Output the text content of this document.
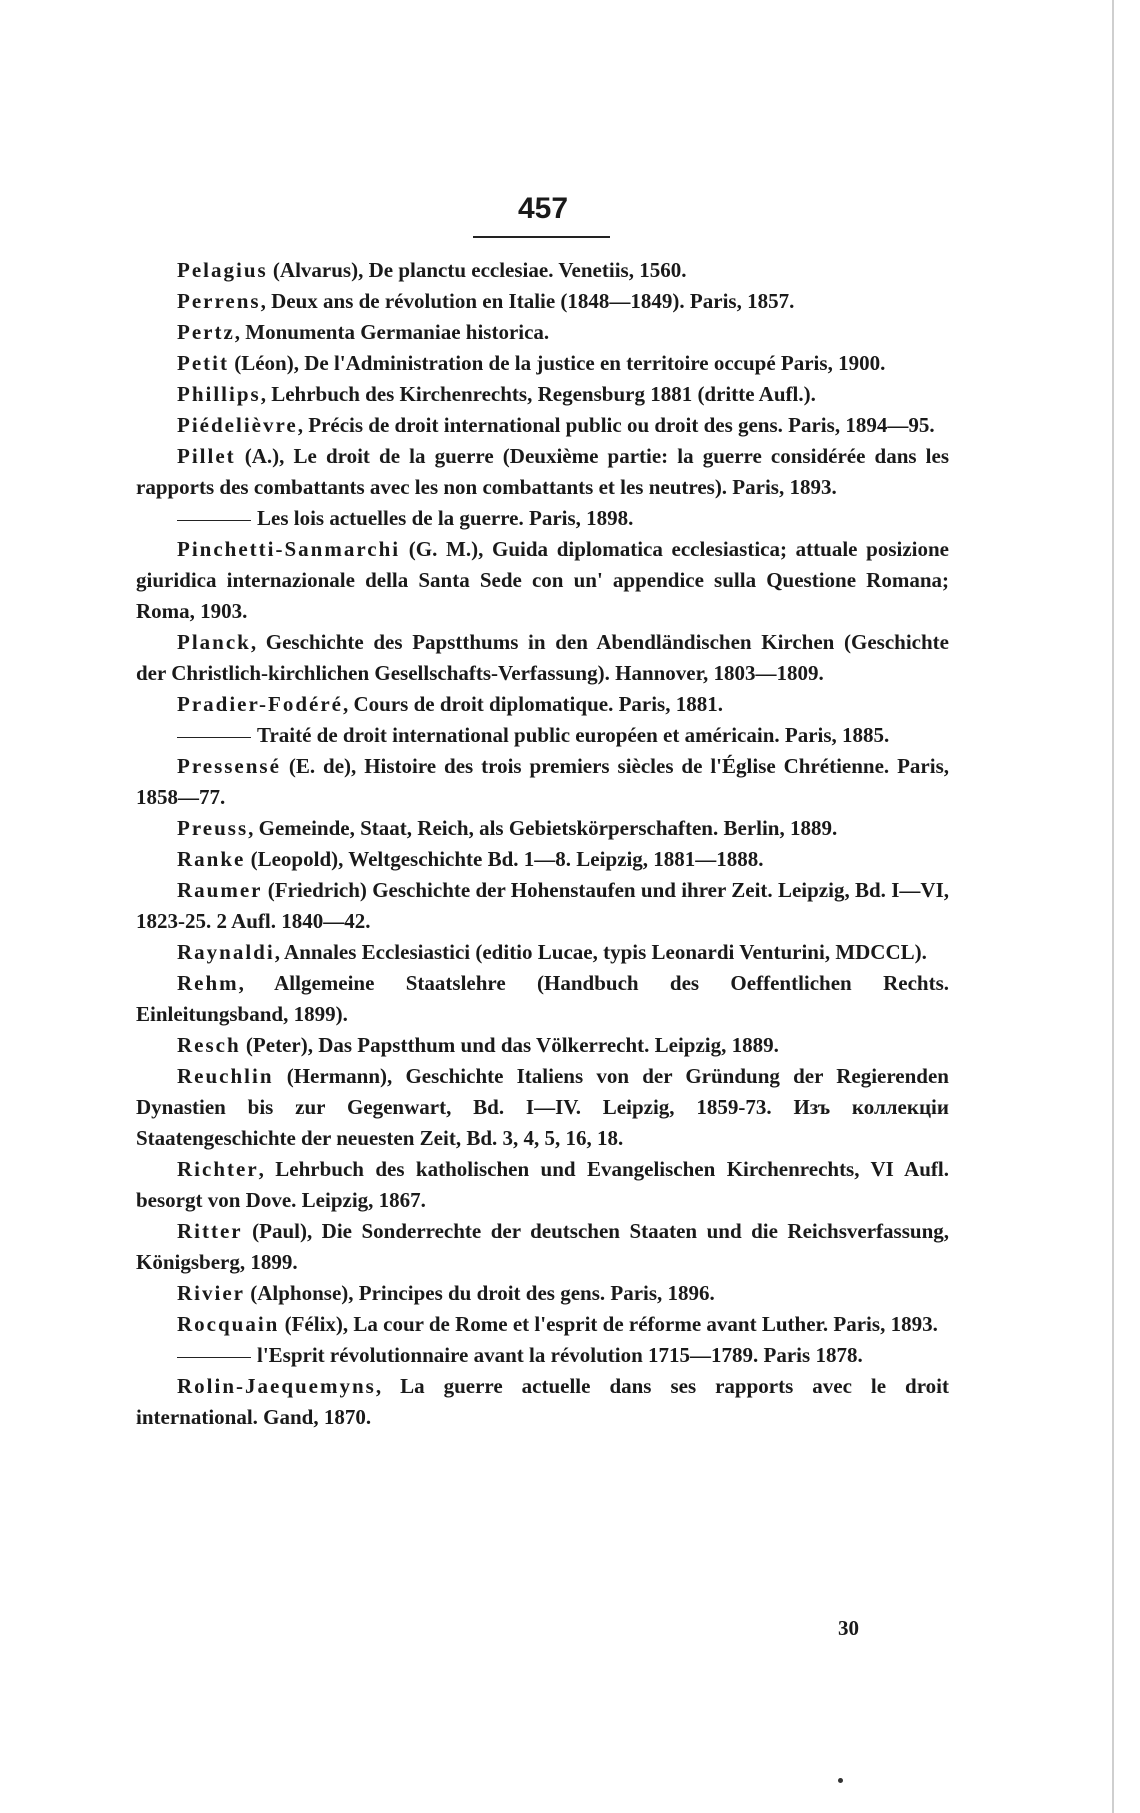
457

Pelagius (Alvarus), De planctu ecclesiae. Venetiis, 1560.

Perrens, Deux ans de révolution en Italie (1848—1849). Paris, 1857.

Pertz, Monumenta Germaniae historica.

Petit (Léon), De l'Administration de la justice en territoire occupé Paris, 1900.

Phillips, Lehrbuch des Kirchenrechts, Regensburg 1881 (dritte Aufl.).

Piédelièvre, Précis de droit international public ou droit des gens. Paris, 1894—95.

Pillet (A.), Le droit de la guerre (Deuxième partie: la guerre considérée dans les rapports des combattants avec les non combattants et les neutres). Paris, 1893.

Les lois actuelles de la guerre. Paris, 1898.

Pinchetti-Sanmarchi (G. M.), Guida diplomatica ecclesiastica; attuale posizione giuridica internazionale della Santa Sede con un' appendice sulla Questione Romana; Roma, 1903.

Planck, Geschichte des Papstthums in den Abendländischen Kirchen (Geschichte der Christlich-kirchlichen Gesellschafts-Verfassung). Hannover, 1803—1809.

Pradier-Fodéré, Cours de droit diplomatique. Paris, 1881.

Traité de droit international public européen et américain. Paris, 1885.

Pressensé (E. de), Histoire des trois premiers siècles de l'Église Chrétienne. Paris, 1858—77.

Preuss, Gemeinde, Staat, Reich, als Gebietskörperschaften. Berlin, 1889.

Ranke (Leopold), Weltgeschichte Bd. 1—8. Leipzig, 1881—1888.

Raumer (Friedrich) Geschichte der Hohenstaufen und ihrer Zeit. Leipzig, Bd. I—VI, 1823-25. 2 Aufl. 1840—42.

Raynaldi, Annales Ecclesiastici (editio Lucae, typis Leonardi Venturini, MDCCL).

Rehm, Allgemeine Staatslehre (Handbuch des Oeffentlichen Rechts. Einleitungsband, 1899).

Resch (Peter), Das Papstthum und das Völkerrecht. Leipzig, 1889.

Reuchlin (Hermann), Geschichte Italiens von der Gründung der Regierenden Dynastien bis zur Gegenwart, Bd. I—IV. Leipzig, 1859-73. Изъ коллекціи Staatengeschichte der neuesten Zeit, Bd. 3, 4, 5, 16, 18.

Richter, Lehrbuch des katholischen und Evangelischen Kirchenrechts, VI Aufl. besorgt von Dove. Leipzig, 1867.

Ritter (Paul), Die Sonderrechte der deutschen Staaten und die Reichsverfassung, Königsberg, 1899.

Rivier (Alphonse), Principes du droit des gens. Paris, 1896.

Rocquain (Félix), La cour de Rome et l'esprit de réforme avant Luther. Paris, 1893.

l'Esprit révolutionnaire avant la révolution 1715—1789. Paris 1878.

Rolin-Jaequemyns, La guerre actuelle dans ses rapports avec le droit international. Gand, 1870.

30
